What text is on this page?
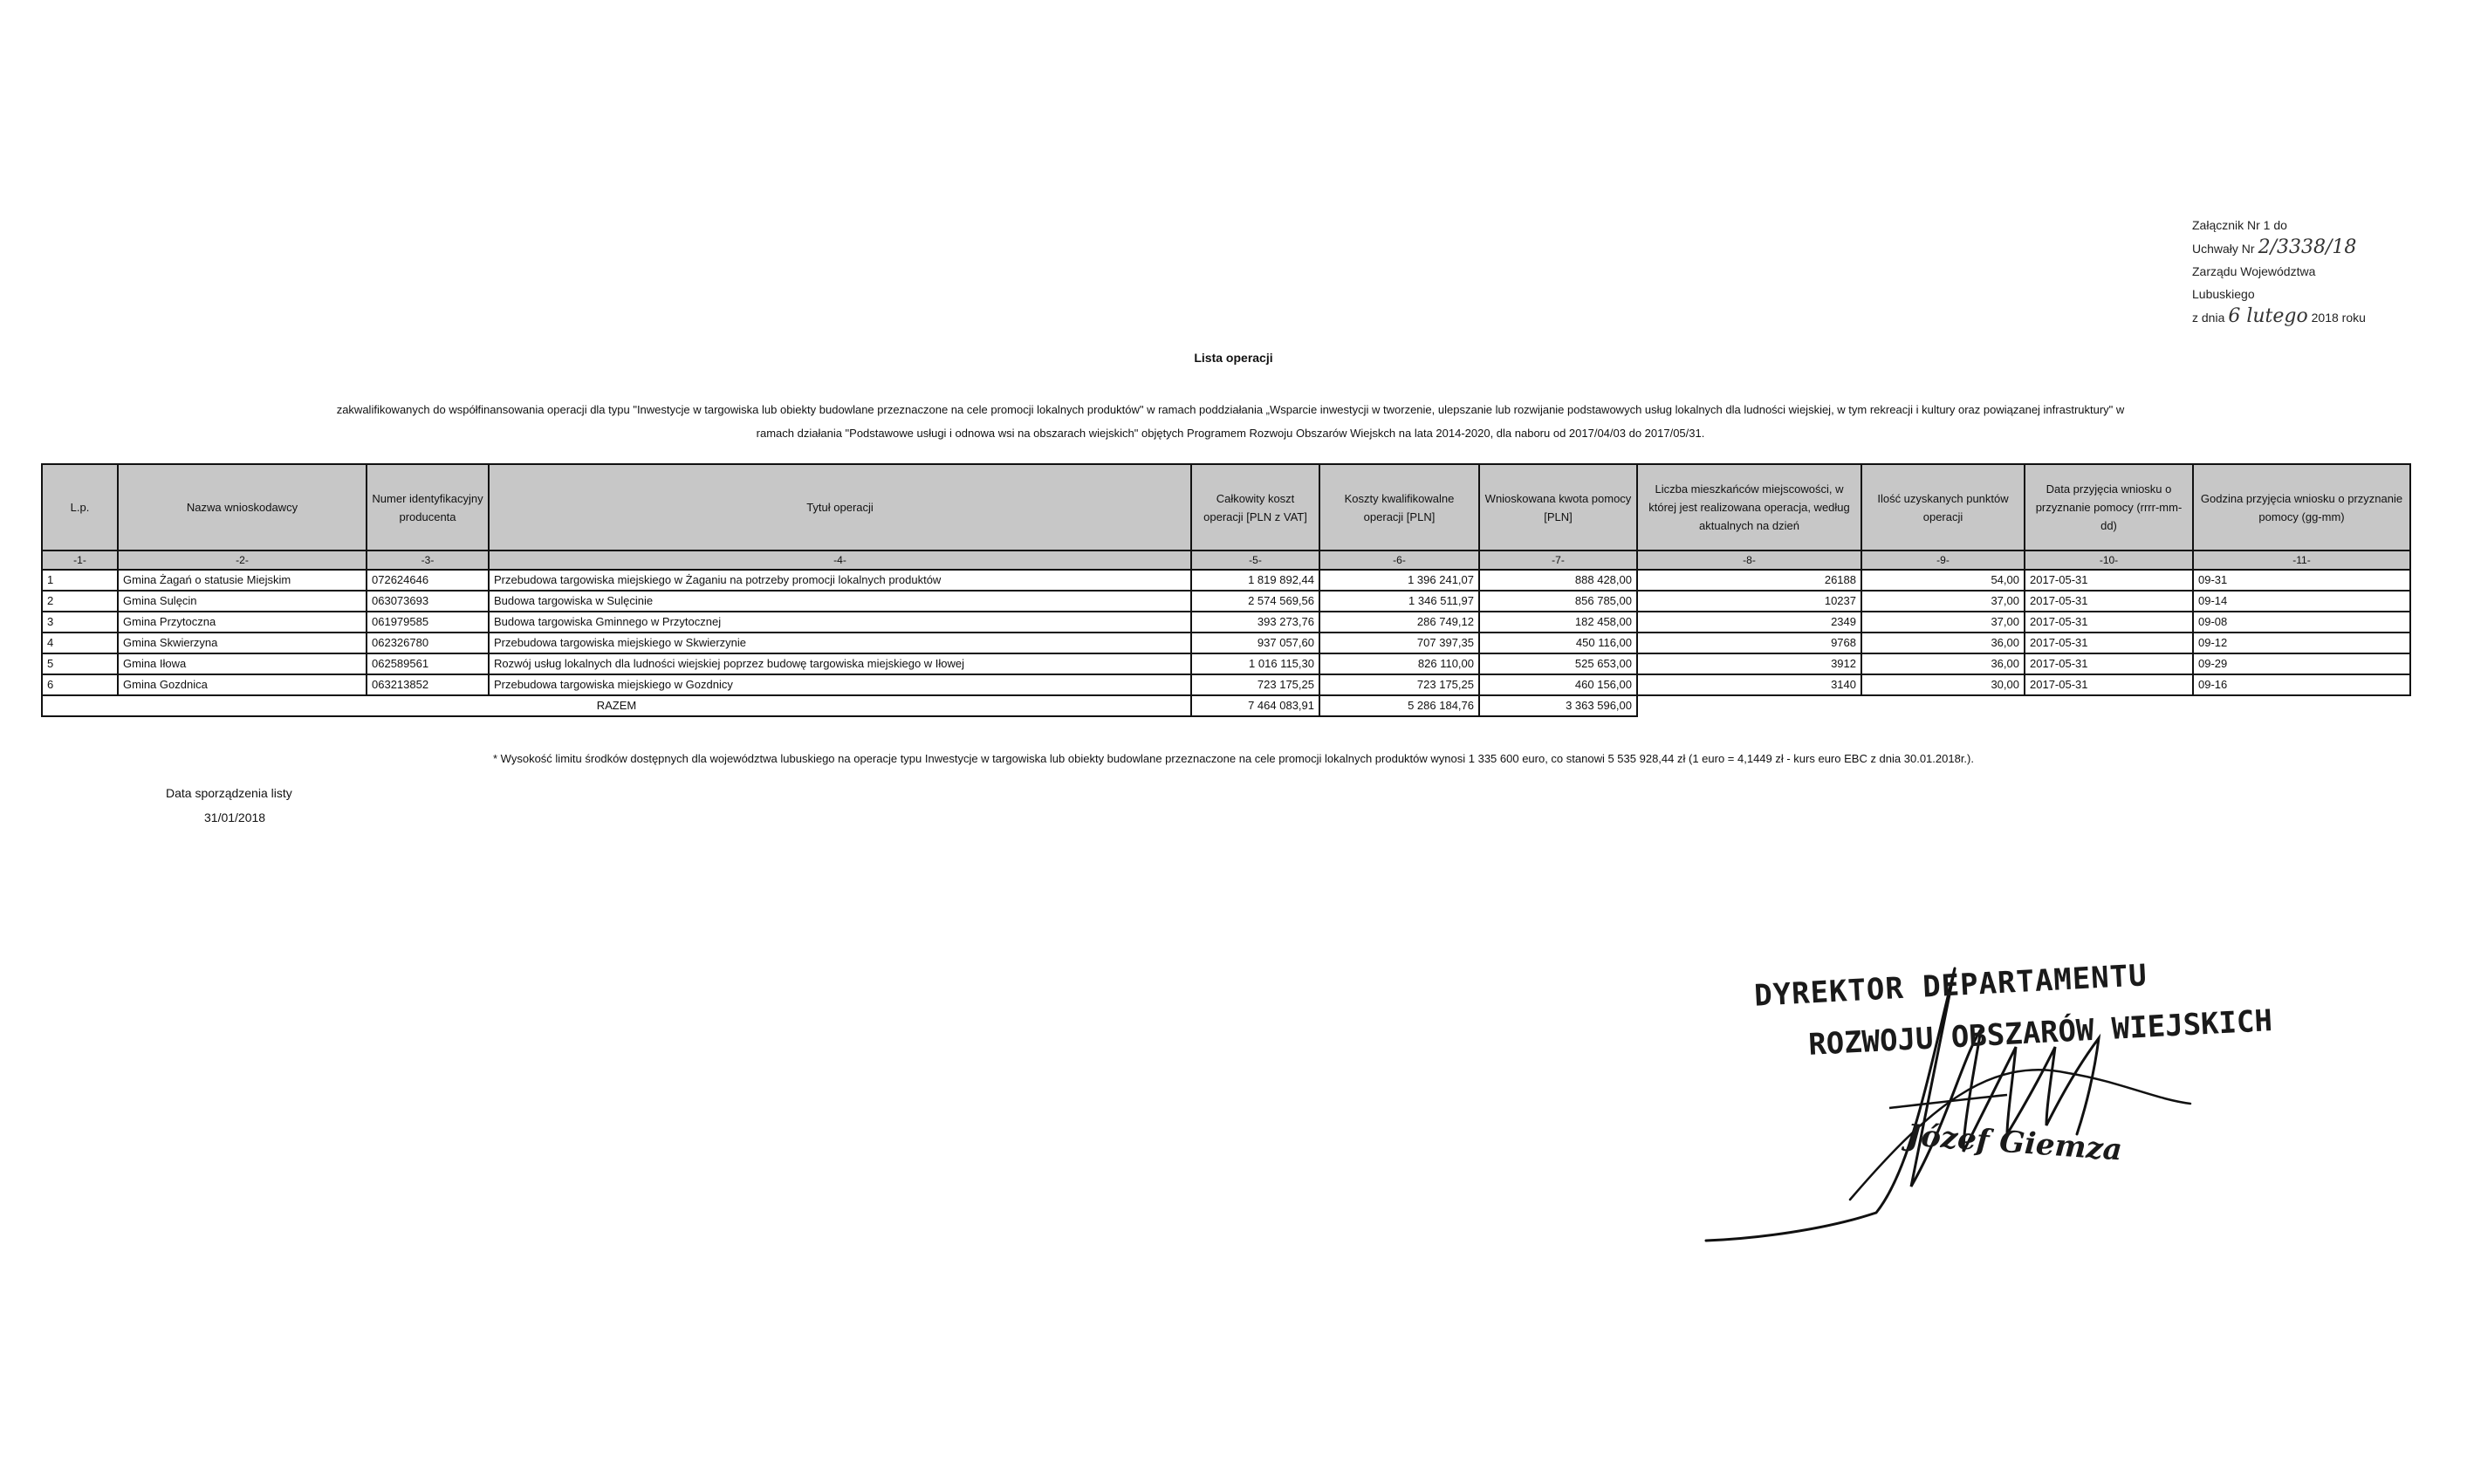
Załącznik Nr 1 do
Uchwały Nr 2/3338/18
Zarządu Województwa
Lubuskiego
z dnia 6 lutego 2018 roku
Lista operacji
zakwalifikowanych do współfinansowania operacji dla typu "Inwestycje w targowiska lub obiekty budowlane przeznaczone na cele promocji lokalnych produktów" w ramach poddziałania „Wsparcie inwestycji w tworzenie, ulepszanie lub rozwijanie podstawowych usług lokalnych dla ludności wiejskiej, w tym rekreacji i kultury oraz powiązanej infrastruktury" w
ramach działania "Podstawowe usługi i odnowa wsi na obszarach wiejskich" objętych Programem Rozwoju Obszarów Wiejskch na lata 2014-2020, dla naboru od 2017/04/03 do 2017/05/31.
L.p.	Nazwa wnioskodawcy	Numer identyfikacyjny producenta	Tytuł operacji	Całkowity koszt operacji [PLN z VAT]	Koszty kwalifikowalne operacji [PLN]	Wnioskowana kwota pomocy [PLN]	Liczba mieszkańców miejscowości, w której jest realizowana operacja, według aktualnych na dzień	Ilość uzyskanych punktów operacji	Data przyjęcia wniosku o przyznanie pomocy (rrrr-mm-dd)	Godzina przyjęcia wniosku o przyznanie pomocy (gg-mm)
-1-	-2-	-3-	-4-	-5-	-6-	-7-	-8-	-9-	-10-	-11-
1	Gmina Żagań o statusie Miejskim	072624646	Przebudowa targowiska miejskiego w Żaganiu na potrzeby promocji lokalnych produktów	1 819 892,44	1 396 241,07	888 428,00	26188	54,00	2017-05-31	09-31
2	Gmina Sulęcin	063073693	Budowa targowiska w Sulęcinie	2 574 569,56	1 346 511,97	856 785,00	10237	37,00	2017-05-31	09-14
3	Gmina Przytoczna	061979585	Budowa targowiska Gminnego w Przytocznej	393 273,76	286 749,12	182 458,00	2349	37,00	2017-05-31	09-08
4	Gmina Skwierzyna	062326780	Przebudowa targowiska miejskiego w Skwierzynie	937 057,60	707 397,35	450 116,00	9768	36,00	2017-05-31	09-12
5	Gmina Iłowa	062589561	Rozwój usług lokalnych dla ludności wiejskiej poprzez budowę targowiska miejskiego w Iłowej	1 016 115,30	826 110,00	525 653,00	3912	36,00	2017-05-31	09-29
6	Gmina Gozdnica	063213852	Przebudowa targowiska miejskiego w Gozdnicy	723 175,25	723 175,25	460 156,00	3140	30,00	2017-05-31	09-16
RAZEM				7 464 083,91	5 286 184,76	3 363 596,00				
* Wysokość limitu środków dostępnych dla województwa lubuskiego na operacje typu Inwestycje w targowiska lub obiekty budowlane przeznaczone na cele promocji lokalnych produktów wynosi 1 335 600 euro, co stanowi 5 535 928,44 zł (1 euro = 4,1449 zł - kurs euro EBC z dnia 30.01.2018r.).
Data sporządzenia listy
31/01/2018
DYREKTOR DEPARTAMENTU
ROZWOJU OBSZARÓW WIEJSKICH
Józef Giemza
